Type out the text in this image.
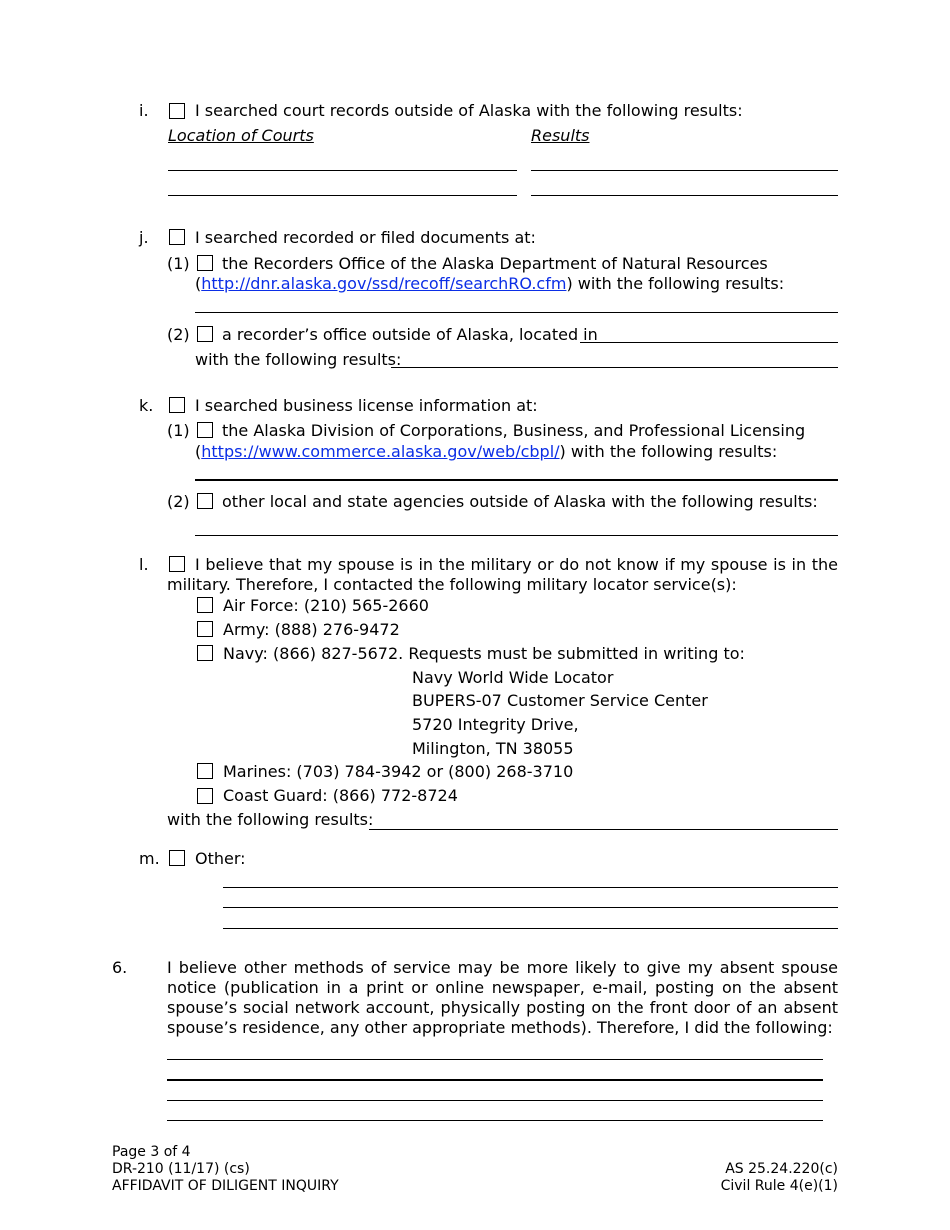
i.	I searched court records outside of Alaska with the following results:
Location of Courts	Results
j.	I searched recorded or filed documents at:
(1) the Recorders Office of the Alaska Department of Natural Resources
(http://dnr.alaska.gov/ssd/recoff/searchRO.cfm) with the following results:
(2) a recorder’s office outside of Alaska, located in
with the following results:
k.	I searched business license information at:
(1) the Alaska Division of Corporations, Business, and Professional Licensing
(https://www.commerce.alaska.gov/web/cbpl/) with the following results:
(2) other local and state agencies outside of Alaska with the following results:
l.	I believe that my spouse is in the military or do not know if my spouse is in the military. Therefore, I contacted the following military locator service(s):
Air Force: (210) 565-2660
Army: (888) 276-9472
Navy: (866) 827-5672. Requests must be submitted in writing to:
Navy World Wide Locator
BUPERS-07 Customer Service Center
5720 Integrity Drive,
Milington, TN 38055
Marines: (703) 784-3942 or (800) 268-3710
Coast Guard: (866) 772-8724
with the following results:
m. Other:
6. I believe other methods of service may be more likely to give my absent spouse notice (publication in a print or online newspaper, e-mail, posting on the absent spouse’s social network account, physically posting on the front door of an absent spouse’s residence, any other appropriate methods). Therefore, I did the following:
Page 3 of 4
DR-210 (11/17) (cs)
AFFIDAVIT OF DILIGENT INQUIRY
AS 25.24.220(c)
Civil Rule 4(e)(1)
